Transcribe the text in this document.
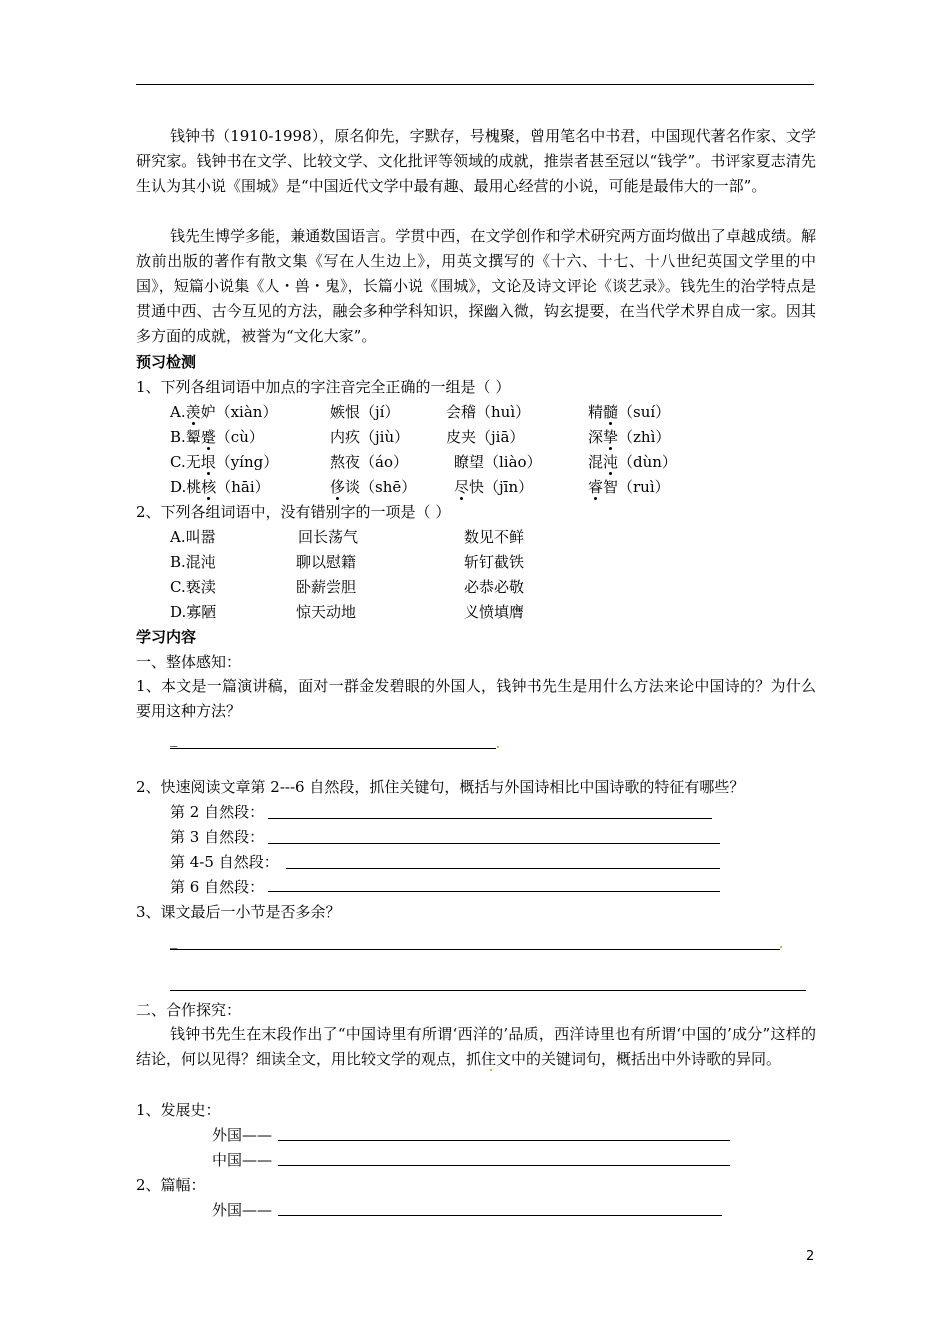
钱钟书（1910-1998），原名仰先，字默存，号槐聚，曾用笔名中书君，中国现代著名作家、文学研究家。钱钟书在文学、比较文学、文化批评等领域的成就，推崇者甚至冠以“钱学”。书评家夏志清先生认为其小说《围城》是“中国近代文学中最有趣、最用心经营的小说，可能是最伟大的一部”。

钱先生博学多能，兼通数国语言。学贯中西，在文学创作和学术研究两方面均做出了卓越成绩。解放前出版的著作有散文集《写在人生边上》，用英文撰写的《十六、十七、十八世纪英国文学里的中国》，短篇小说集《人・兽・鬼》，长篇小说《围城》，文论及诗文评论《谈艺录》。钱先生的治学特点是贯通中西、古今互见的方法，融会多种学科知识，探幽入微，钩玄提要，在当代学术界自成一家。因其多方面的成就，被誉为“文化大家”。

预习检测
1、下列各组词语中加点的字注音完全正确的一组是（ ）
A.羡妒（xiàn）	嫉恨（jí）	会稽（huì）	精髓（suí）
B.颦蹙（cù）	内疚（jiù） 皮夹（jiā）	深挚（zhì）
C.无垠（yíng）	熬夜（áo）	瞭望（liào）	混沌（dùn）
D.桃核（hāi）	侈谈（shē）	尽快（jīn）	睿智（ruì）
2、下列各组词语中，没有错别字的一项是（ ）
A.叫嚣	回长荡气	数见不鲜
B.混沌	聊以慰籍	斩钉截铁
C.亵渎	卧薪尝胆	必恭必敬
D.寡陋	惊天动地	义愤填膺
学习内容
一、整体感知：

1、本文是一篇演讲稿，面对一群金发碧眼的外国人，钱钟书先生是用什么方法来论中国诗的？为什么要用这种方法？

_
2、快速阅读文章第 2---6 自然段，抓住关键句，概括与外国诗相比中国诗歌的特征有哪些？
第 2 自然段：
第 3 自然段：
第 4-5 自然段：
第 6 自然段：
3、课文最后一小节是否多余？
_
二、合作探究：

钱钟书先生在末段作出了“中国诗里有所谓‘西洋的’品质，西洋诗里也有所谓‘中国的’成分”这样的结论，何以见得？细读全文，用比较文学的观点，抓住文中的关键词句，概括出中外诗歌的异同。

1、发展史：
外国——
中国——
2、篇幅：
外国——
2
